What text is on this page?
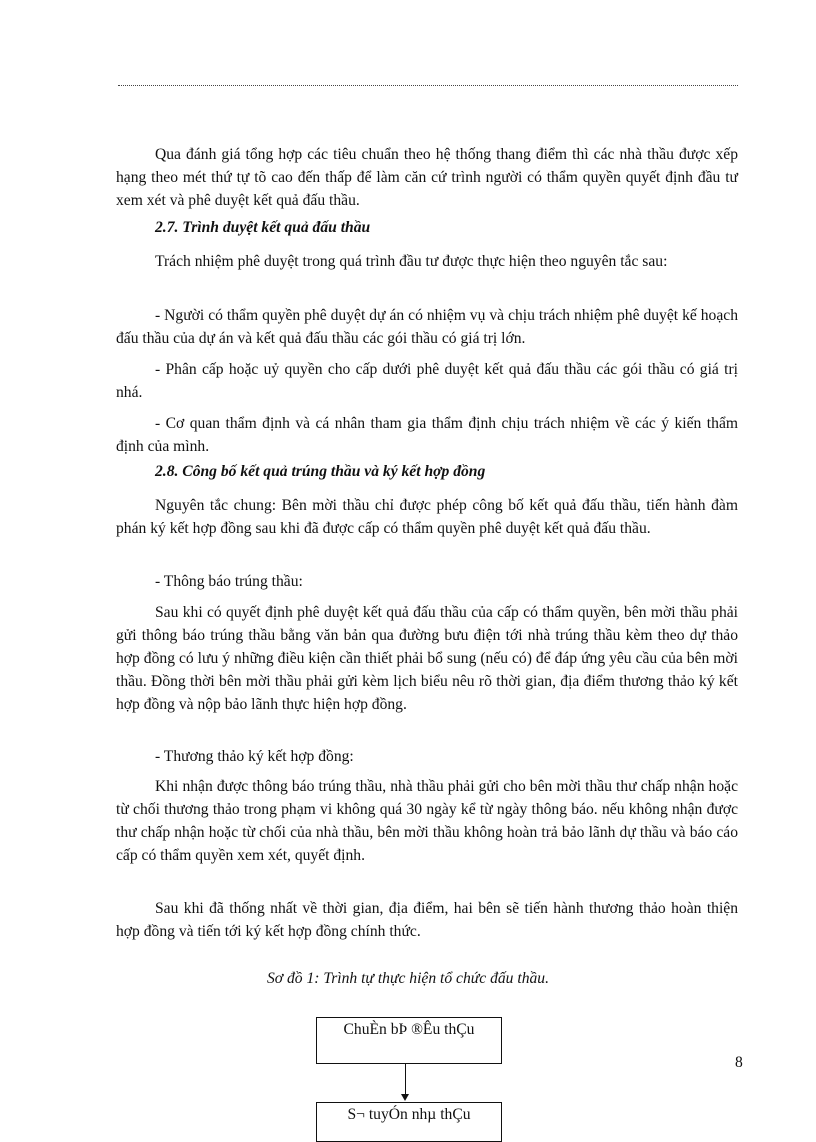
Qua đánh giá tổng hợp các tiêu chuẩn theo hệ thống thang điểm thì các nhà thầu được xếp hạng theo mét thứ tự tõ cao đến thấp để làm căn cứ trình người có thẩm quyền quyết định đầu tư xem xét và phê duyệt kết quả đấu thầu.

2.7. Trình duyệt kết quả đấu thầu

Trách nhiệm phê duyệt trong quá trình đầu tư được thực hiện theo nguyên tắc sau:

- Người có thẩm quyền phê duyệt dự án có nhiệm vụ và chịu trách nhiệm phê duyệt kế hoạch đấu thầu của dự án và kết quả đấu thầu các gói thầu có giá trị lớn.

- Phân cấp hoặc uỷ quyền cho cấp dưới phê duyệt kết quả đấu thầu các gói thầu có giá trị nhá.

- Cơ quan thẩm định và cá nhân tham gia thẩm định chịu trách nhiệm về các ý kiến thẩm định của mình.

2.8. Công bố kết quả trúng thầu và ký kết hợp đồng

Nguyên tắc chung: Bên mời thầu chỉ được phép công bố kết quả đấu thầu, tiến hành đàm phán ký kết hợp đồng sau khi đã được cấp có thẩm quyền phê duyệt kết quả đấu thầu.

- Thông báo trúng thầu:

Sau khi có quyết định phê duyệt kết quả đấu thầu của cấp có thẩm quyền, bên mời thầu phải gửi thông báo trúng thầu bằng văn bản qua đường bưu điện tới nhà trúng thầu kèm theo dự thảo hợp đồng có lưu ý những điều kiện cần thiết phải bổ sung (nếu có) để đáp ứng yêu cầu của bên mời thầu. Đồng thời bên mời thầu phải gửi kèm lịch biểu nêu rõ thời gian, địa điểm thương thảo ký kết hợp đồng và nộp bảo lãnh thực hiện hợp đồng.

- Thương thảo ký kết hợp đồng:

Khi nhận được thông báo trúng thầu, nhà thầu phải gửi cho bên mời thầu thư chấp nhận hoặc từ chối thương thảo trong phạm vi không quá 30 ngày kể từ ngày thông báo. nếu không nhận được thư chấp nhận hoặc từ chối của nhà thầu, bên mời thầu không hoàn trả bảo lãnh dự thầu và báo cáo cấp có thẩm quyền xem xét, quyết định.

Sau khi đã thống nhất về thời gian, địa điểm, hai bên sẽ tiến hành thương thảo hoàn thiện hợp đồng và tiến tới ký kết hợp đồng chính thức.

Sơ đồ 1: Trình tự thực hiện tổ chức đấu thầu.

ChuÈn bÞ ®Êu thÇu
S¬ tuyÓn nhµ thÇu
8
